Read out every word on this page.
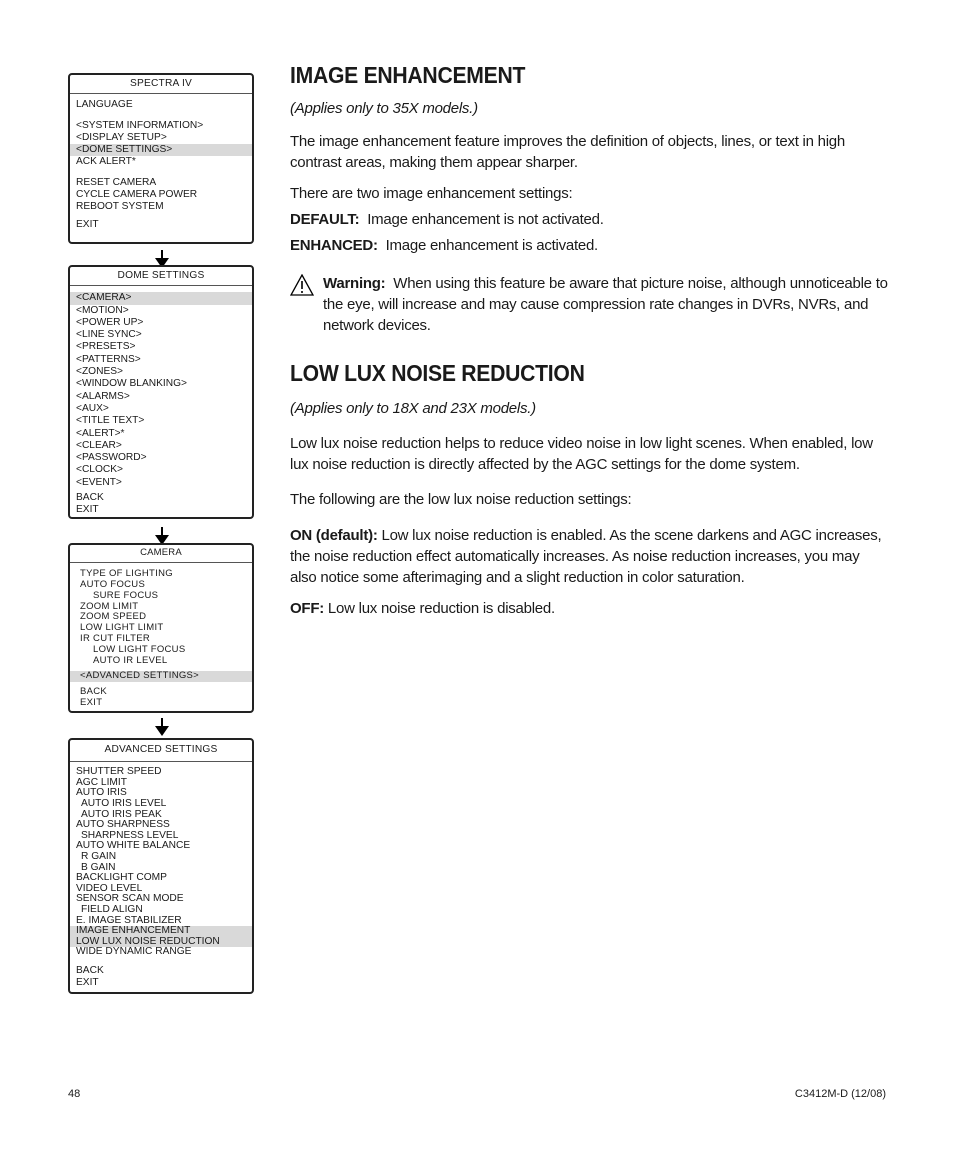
SPECTRA IV
LANGUAGE
<SYSTEM INFORMATION>
<DISPLAY SETUP>
<DOME SETTINGS>
ACK ALERT*
RESET CAMERA
CYCLE CAMERA POWER
REBOOT SYSTEM
EXIT
DOME SETTINGS
<CAMERA>
<MOTION>
<POWER UP>
<LINE SYNC>
<PRESETS>
<PATTERNS>
<ZONES>
<WINDOW BLANKING>
<ALARMS>
<AUX>
<TITLE TEXT>
<ALERT>*
<CLEAR>
<PASSWORD>
<CLOCK>
<EVENT>
BACK
EXIT
CAMERA
TYPE OF LIGHTING
AUTO FOCUS
SURE FOCUS
ZOOM LIMIT
ZOOM SPEED
LOW LIGHT LIMIT
IR CUT FILTER
LOW LIGHT FOCUS
AUTO IR LEVEL
<ADVANCED SETTINGS>
BACK
EXIT
ADVANCED SETTINGS
SHUTTER SPEED
AGC LIMIT
AUTO IRIS
AUTO IRIS LEVEL
AUTO IRIS PEAK
AUTO SHARPNESS
SHARPNESS LEVEL
AUTO WHITE BALANCE
R GAIN
B GAIN
BACKLIGHT COMP
VIDEO LEVEL
SENSOR SCAN MODE
FIELD ALIGN
E. IMAGE STABILIZER
IMAGE ENHANCEMENT
LOW LUX NOISE REDUCTION
WIDE DYNAMIC RANGE
BACK
EXIT
IMAGE ENHANCEMENT

(Applies only to 35X models.)

The image enhancement feature improves the definition of objects, lines, or text in high contrast areas, making them appear sharper.

There are two image enhancement settings:

DEFAULT: Image enhancement is not activated.

ENHANCED: Image enhancement is activated.

Warning: When using this feature be aware that picture noise, although unnoticeable to the eye, will increase and may cause compression rate changes in DVRs, NVRs, and network devices.

LOW LUX NOISE REDUCTION

(Applies only to 18X and 23X models.)

Low lux noise reduction helps to reduce video noise in low light scenes. When enabled, low lux noise reduction is directly affected by the AGC settings for the dome system.

The following are the low lux noise reduction settings:

ON (default): Low lux noise reduction is enabled. As the scene darkens and AGC increases, the noise reduction effect automatically increases. As noise reduction increases, you may also notice some afterimaging and a slight reduction in color saturation.

OFF: Low lux noise reduction is disabled.

48	C3412M-D (12/08)
